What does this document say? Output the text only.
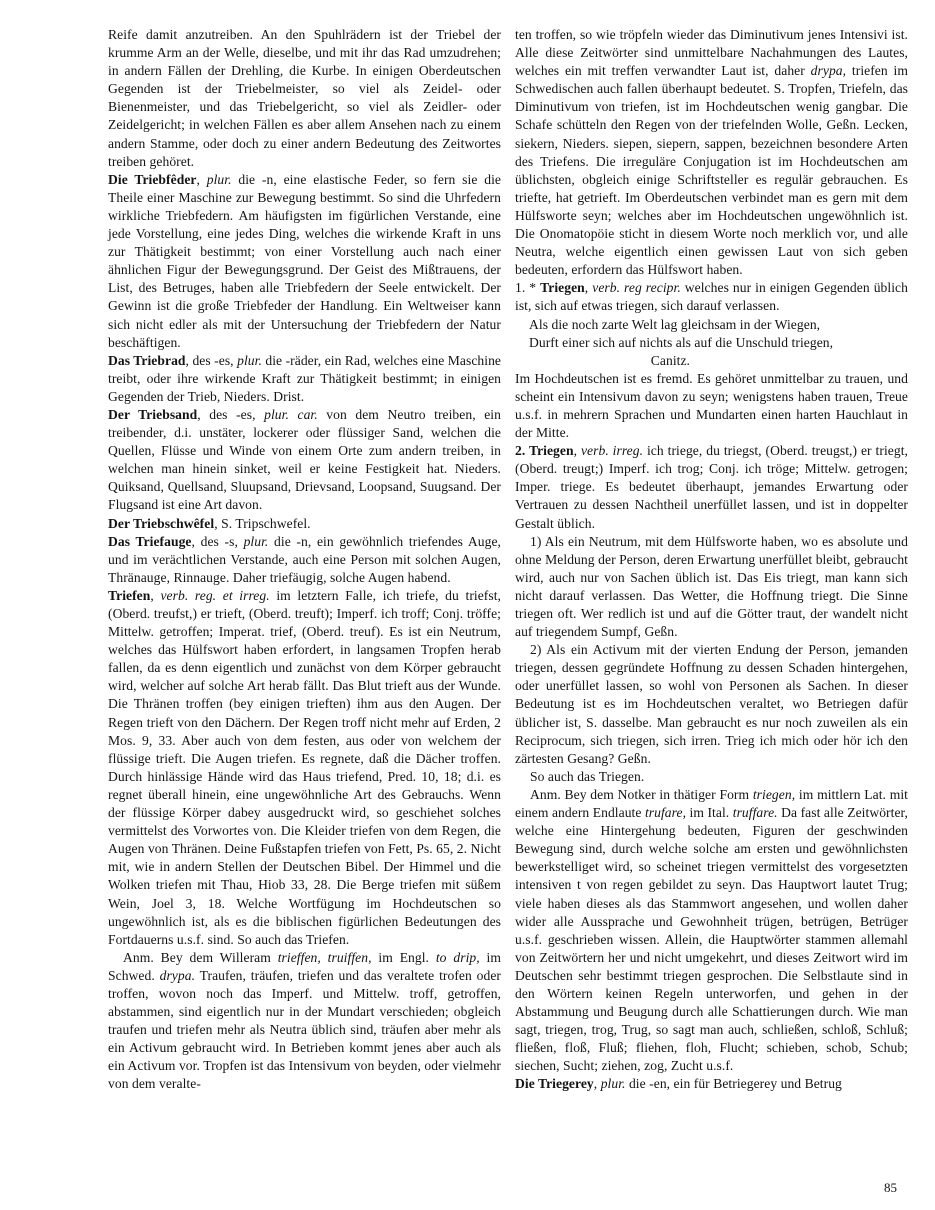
Reife damit anzutreiben. An den Spuhlrädern ist der Triebel der krumme Arm an der Welle, dieselbe, und mit ihr das Rad umzudrehen; in andern Fällen der Drehling, die Kurbe. In einigen Oberdeutschen Gegenden ist der Triebelmeister, so viel als Zeidel- oder Bienenmeister, und das Triebelgericht, so viel als Zeidler- oder Zeidelgericht; in welchen Fällen es aber allem Ansehen nach zu einem andern Stamme, oder doch zu einer andern Bedeutung des Zeitwortes treiben gehöret.

Die Triebfêder, plur. die -n, eine elastische Feder, so fern sie die Theile einer Maschine zur Bewegung bestimmt. So sind die Uhrfedern wirkliche Triebfedern. Am häufigsten im figürlichen Verstande, eine jede Vorstellung, eine jedes Ding, welches die wirkende Kraft in uns zur Thätigkeit bestimmt; von einer Vorstellung auch nach einer ähnlichen Figur der Bewegungsgrund. Der Geist des Mißtrauens, der List, des Betruges, haben alle Triebfedern der Seele entwickelt. Der Gewinn ist die große Triebfeder der Handlung. Ein Weltweiser kann sich nicht edler als mit der Untersuchung der Triebfedern der Natur beschäftigen.

Das Triebrad, des -es, plur. die -räder, ein Rad, welches eine Maschine treibt, oder ihre wirkende Kraft zur Thätigkeit bestimmt; in einigen Gegenden der Trieb, Nieders. Drist.

Der Triebsand, des -es, plur. car. von dem Neutro treiben, ein treibender, d.i. unstäter, lockerer oder flüssiger Sand, welchen die Quellen, Flüsse und Winde von einem Orte zum andern treiben, in welchen man hinein sinket, weil er keine Festigkeit hat. Nieders. Quiksand, Quellsand, Sluupsand, Drievsand, Loopsand, Suugsand. Der Flugsand ist eine Art davon.

Der Triebschwêfel, S. Tripschwefel.

Das Triefauge, des -s, plur. die -n, ein gewöhnlich triefendes Auge, und im verächtlichen Verstande, auch eine Person mit solchen Augen, Thränauge, Rinnauge. Daher triefäugig, solche Augen habend.

Triefen, verb. reg. et irreg. im letztern Falle, ich triefe, du triefst, (Oberd. treufst,) er trieft, (Oberd. treuft); Imperf. ich troff; Conj. tröffe; Mittelw. getroffen; Imperat. trief, (Oberd. treuf). Es ist ein Neutrum, welches das Hülfswort haben erfordert, in langsamen Tropfen herab fallen, da es denn eigentlich und zunächst von dem Körper gebraucht wird, welcher auf solche Art herab fällt. Das Blut trieft aus der Wunde. Die Thränen troffen (bey einigen trieften) ihm aus den Augen. Der Regen trieft von den Dächern. Der Regen troff nicht mehr auf Erden, 2 Mos. 9, 33. Aber auch von dem festen, aus oder von welchem der flüssige trieft. Die Augen triefen. Es regnete, daß die Dächer troffen. Durch hinlässige Hände wird das Haus triefend, Pred. 10, 18; d.i. es regnet überall hinein, eine ungewöhnliche Art des Gebrauchs. Wenn der flüssige Körper dabey ausgedruckt wird, so geschiehet solches vermittelst des Vorwortes von. Die Kleider triefen von dem Regen, die Augen von Thränen. Deine Fußstapfen triefen von Fett, Ps. 65, 2. Nicht mit, wie in andern Stellen der Deutschen Bibel. Der Himmel und die Wolken triefen mit Thau, Hiob 33, 28. Die Berge triefen mit süßem Wein, Joel 3, 18. Welche Wortfügung im Hochdeutschen so ungewöhnlich ist, als es die biblischen figürlichen Bedeutungen des Fortdauerns u.s.f. sind. So auch das Triefen.

Anm. Bey dem Willeram trieffen, truiffen, im Engl. to drip, im Schwed. drypa. Traufen, träufen, triefen und das veraltete trofen oder troffen, wovon noch das Imperf. und Mittelw. troff, getroffen, abstammen, sind eigentlich nur in der Mundart verschieden; obgleich traufen und triefen mehr als Neutra üblich sind, träufen aber mehr als ein Activum gebraucht wird. In Betrieben kommt jenes aber auch als ein Activum vor. Tropfen ist das Intensivum von beyden, oder vielmehr von dem veralte-

ten troffen, so wie tröpfeln wieder das Diminutivum jenes Intensivi ist. Alle diese Zeitwörter sind unmittelbare Nachahmungen des Lautes, welches ein mit treffen verwandter Laut ist, daher drypa, triefen im Schwedischen auch fallen überhaupt bedeutet. S. Tropfen, Triefeln, das Diminutivum von triefen, ist im Hochdeutschen wenig gangbar. Die Schafe schütteln den Regen von der triefelnden Wolle, Geßn. Lecken, siekern, Nieders. siepen, siepern, sappen, bezeichnen besondere Arten des Triefens. Die irreguläre Conjugation ist im Hochdeutschen am üblichsten, obgleich einige Schriftsteller es regulär gebrauchen. Es triefte, hat getrieft. Im Oberdeutschen verbindet man es gern mit dem Hülfsworte seyn; welches aber im Hochdeutschen ungewöhnlich ist. Die Onomatopöie sticht in diesem Worte noch merklich vor, und alle Neutra, welche eigentlich einen gewissen Laut von sich geben bedeuten, erfordern das Hülfswort haben.

1. * Triegen, verb. reg recipr. welches nur in einigen Gegenden üblich ist, sich auf etwas triegen, sich darauf verlassen.

Als die noch zarte Welt lag gleichsam in der Wiegen,
Durft einer sich auf nichts als auf die Unschuld triegen,
Canitz.

Im Hochdeutschen ist es fremd. Es gehöret unmittelbar zu trauen, und scheint ein Intensivum davon zu seyn; wenigstens haben trauen, Treue u.s.f. in mehrern Sprachen und Mundarten einen harten Hauchlaut in der Mitte.

2. Triegen, verb. irreg. ich triege, du triegst, (Oberd. treugst,) er triegt, (Oberd. treugt;) Imperf. ich trog; Conj. ich tröge; Mittelw. getrogen; Imper. triege. Es bedeutet überhaupt, jemandes Erwartung oder Vertrauen zu dessen Nachtheil unerfüllet lassen, und ist in doppelter Gestalt üblich.

1) Als ein Neutrum, mit dem Hülfsworte haben, wo es absolute und ohne Meldung der Person, deren Erwartung unerfüllet bleibt, gebraucht wird, auch nur von Sachen üblich ist. Das Eis triegt, man kann sich nicht darauf verlassen. Das Wetter, die Hoffnung triegt. Die Sinne triegen oft. Wer redlich ist und auf die Götter traut, der wandelt nicht auf triegendem Sumpf, Geßn.

2) Als ein Activum mit der vierten Endung der Person, jemanden triegen, dessen gegründete Hoffnung zu dessen Schaden hintergehen, oder unerfüllet lassen, so wohl von Personen als Sachen. In dieser Bedeutung ist es im Hochdeutschen veraltet, wo Betriegen dafür üblicher ist, S. dasselbe. Man gebraucht es nur noch zuweilen als ein Reciprocum, sich triegen, sich irren. Trieg ich mich oder hör ich den zärtesten Gesang? Geßn.

So auch das Triegen.

Anm. Bey dem Notker in thätiger Form triegen, im mittlern Lat. mit einem andern Endlaute trufare, im Ital. truffare. Da fast alle Zeitwörter, welche eine Hintergehung bedeuten, Figuren der geschwinden Bewegung sind, durch welche solche am ersten und gewöhnlichsten bewerkstelliget wird, so scheinet triegen vermittelst des vorgesetzten intensiven t von regen gebildet zu seyn. Das Hauptwort lautet Trug; viele haben dieses als das Stammwort angesehen, und wollen daher wider alle Aussprache und Gewohnheit trügen, betrügen, Betrüger u.s.f. geschrieben wissen. Allein, die Hauptwörter stammen allemahl von Zeitwörtern her und nicht umgekehrt, und dieses Zeitwort wird im Deutschen sehr bestimmt triegen gesprochen. Die Selbstlaute sind in den Wörtern keinen Regeln unterworfen, und gehen in der Abstammung und Beugung durch alle Schattierungen durch. Wie man sagt, triegen, trog, Trug, so sagt man auch, schließen, schloß, Schluß; fließen, floß, Fluß; fliehen, floh, Flucht; schieben, schob, Schub; siechen, Sucht; ziehen, zog, Zucht u.s.f.

Die Triegerey, plur. die -en, ein für Betriegerey und Betrug

85
